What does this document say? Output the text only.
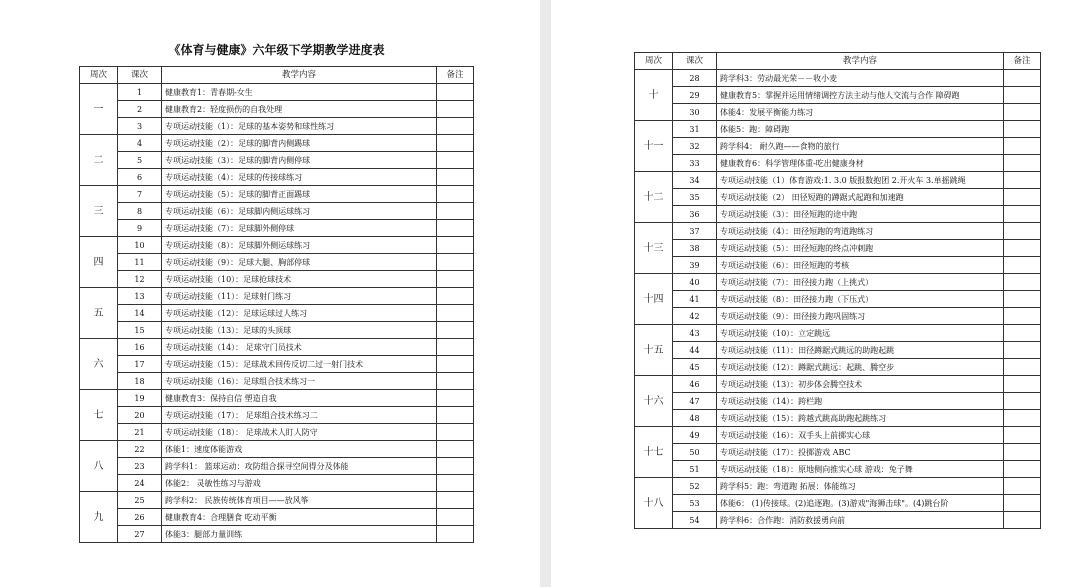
《体育与健康》六年级下学期教学进度表
周次	课次	教学内容	备注
一	1	健康教育1：青春期-女生	
	2	健康教育2：轻度损伤的自我处理	
	3	专项运动技能（1）：足球的基本姿势和球性练习	
二	4	专项运动技能（2）：足球的脚背内侧踢球	
	5	专项运动技能（3）：足球的脚背内侧停球	
	6	专项运动技能（4）：足球的传接球练习	
三	7	专项运动技能（5）：足球的脚背正面踢球	
	8	专项运动技能（6）：足球脚内侧运球练习	
	9	专项运动技能（7）：足球脚外侧停球	
四	10	专项运动技能（8）：足球脚外侧运球练习	
	11	专项运动技能（9）：足球大腿、胸部停球	
	12	专项运动技能（10）：足球抢球技术	
五	13	专项运动技能（11）：足球射门练习	
	14	专项运动技能（12）：足球运球过人练习	
	15	专项运动技能（13）：足球的头顶球	
六	16	专项运动技能（14）： 足球守门员技术	
	17	专项运动技能（15）：足球战术回传反切二过一射门技术	
	18	专项运动技能（16）：足球组合技术练习一	
七	19	健康教育3：保持自信 塑造自我	
	20	专项运动技能（17）： 足球组合技术练习二	
	21	专项运动技能（18）： 足球战术人盯人防守	
八	22	体能1：速度体能游戏	
	23	跨学科1： 篮球运动：攻防组合探寻空间得分及体能	
	24	体能2： 灵敏性练习与游戏	
九	25	跨学科2： 民族传统体育项目——放风筝	
	26	健康教育4：合理膳食 吃动平衡	
	27	体能3：腿部力量训练	
周次	课次	教学内容	备注
十	28	跨学科3：劳动最光荣－－收小麦	
	29	健康教育5：掌握并运用情绪调控方法主动与他人交流与合作 障碍跑	
	30	体能4：发展平衡能力练习	
十一	31	体能5：跑：障碍跑	
	32	跨学科4： 耐久跑——食物的旅行	
	33	健康教育6：科学管理体重-吃出健康身材	
十二	34	专项运动技能（1）体育游戏:1. 3.0 版报数抱团 2.开火车 3.单摇跳绳	
	35	专项运动技能（2） 田径短跑的蹲踞式起跑和加速跑	
	36	专项运动技能（3）：田径短跑的途中跑	
十三	37	专项运动技能（4）：田径短跑的弯道跑练习	
	38	专项运动技能（5）：田径短跑的终点冲刺跑	
	39	专项运动技能（6）：田径短跑的考核	
十四	40	专项运动技能（7）：田径接力跑（上挑式）	
	41	专项运动技能（8）：田径接力跑（下压式）	
	42	专项运动技能（9）：田径接力跑巩固练习	
十五	43	专项运动技能（10）：立定跳远	
	44	专项运动技能（11）：田径蹲踞式跳远的助跑起跳	
	45	专项运动技能（12）：蹲踞式跳远：起跳、腾空步	
十六	46	专项运动技能（13）：初步体会腾空技术	
	47	专项运动技能（14）：跨栏跑	
	48	专项运动技能（15）：跨越式跳高助跑起跳练习	
十七	49	专项运动技能（16）：双手头上前掷实心球	
	50	专项运动技能（17）：投掷游戏 ABC	
	51	专项运动技能（18）：原地侧向推实心球 游戏：兔子舞	
十八	52	跨学科5：跑：弯道跑 拓展：体能练习	
	53	体能6： (1)传接球。(2)追逐跑。(3)游戏"海狮击球"。(4)跳台阶	
	54	跨学科6：合作跑：消防救援勇向前	
